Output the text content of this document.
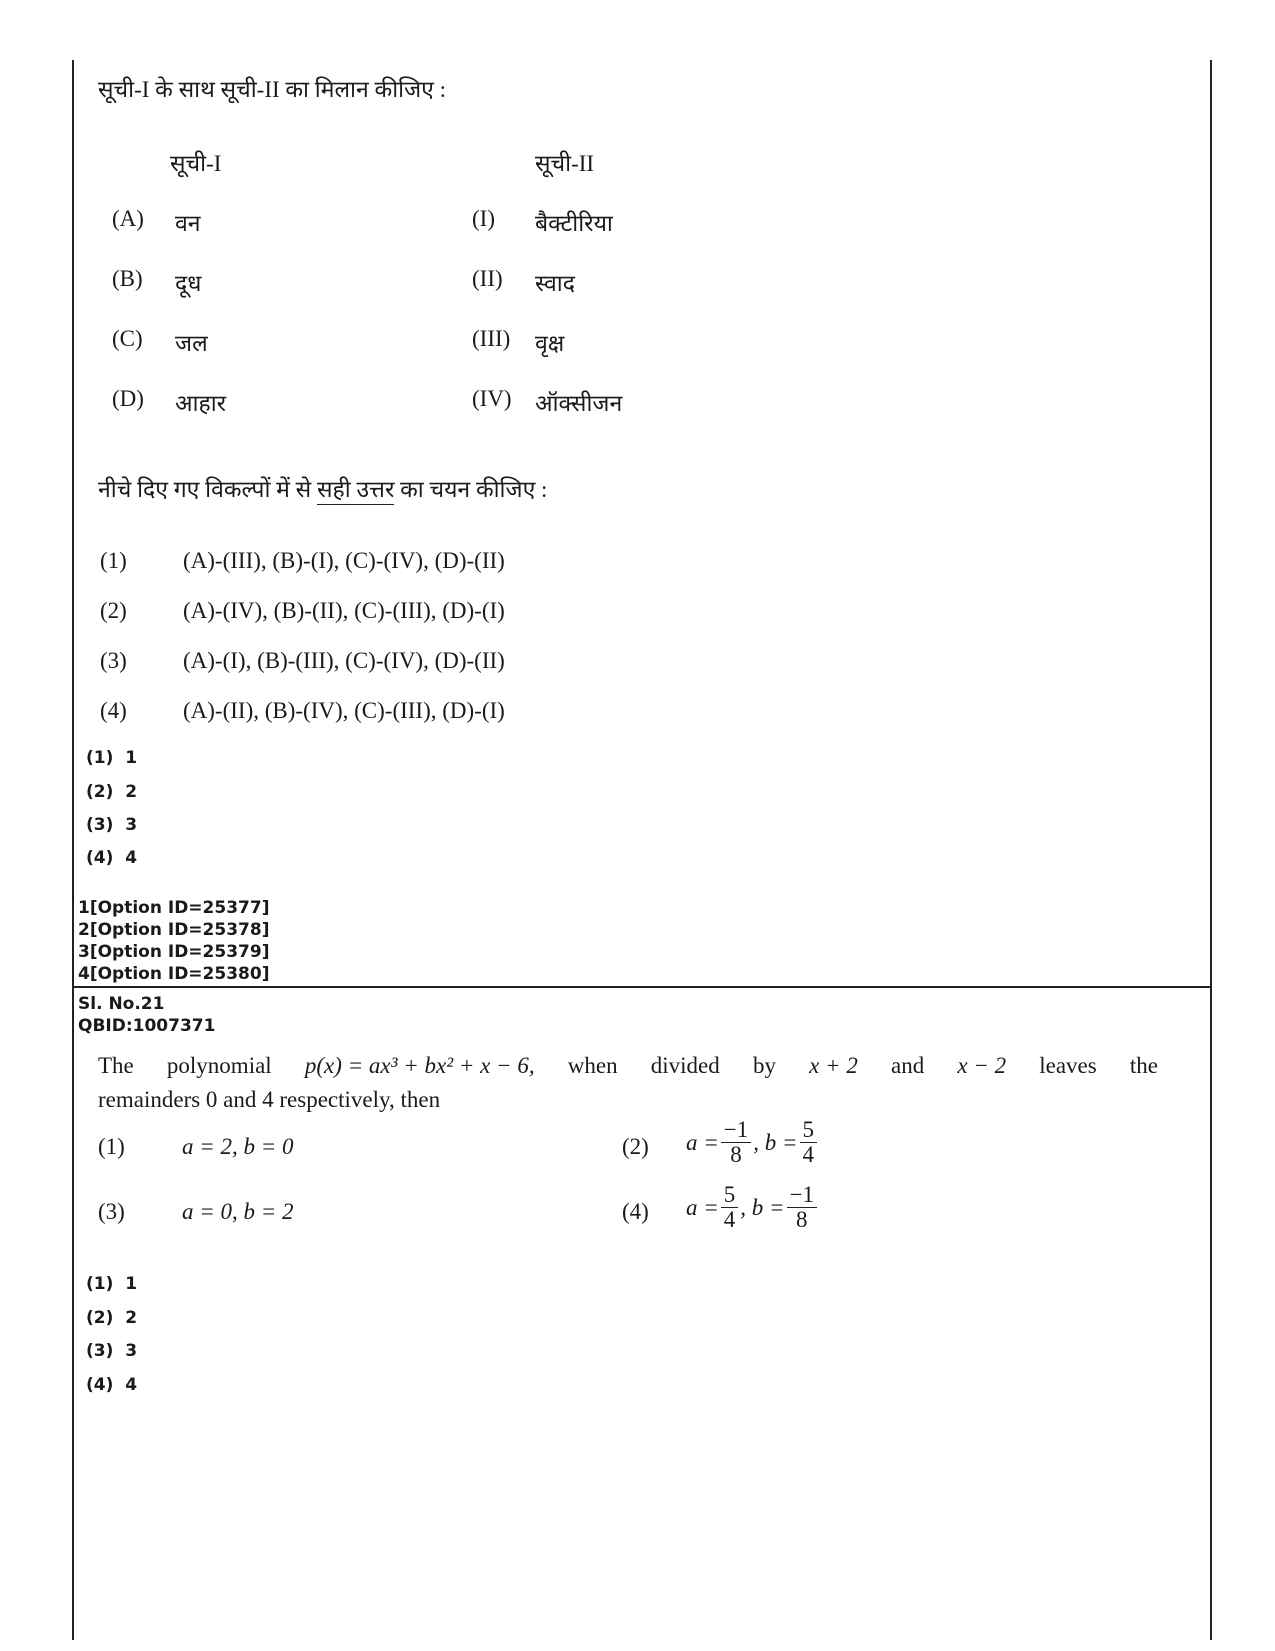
सूची-I के साथ सूची-II का मिलान कीजिए :
सूची-I	सूची-II
(A) वन	(I) बैक्टीरिया
(B) दूध	(II) स्वाद
(C) जल	(III) वृक्ष
(D) आहार	(IV) ऑक्सीजन
नीचे दिए गए विकल्पों में से सही उत्तर का चयन कीजिए :
(1) (A)-(III), (B)-(I), (C)-(IV), (D)-(II)
(2) (A)-(IV), (B)-(II), (C)-(III), (D)-(I)
(3) (A)-(I), (B)-(III), (C)-(IV), (D)-(II)
(4) (A)-(II), (B)-(IV), (C)-(III), (D)-(I)
(1) 1
(2) 2
(3) 3
(4) 4
1[Option ID=25377]
2[Option ID=25378]
3[Option ID=25379]
4[Option ID=25380]
Sl. No.21
QBID:1007371
The polynomial p(x) = ax³ + bx² + x − 6, when divided by x + 2 and x − 2 leaves the
remainders 0 and 4 respectively, then
(1) a = 2, b = 0	(2) $a = \frac{-1}{8}$ , $b = \frac{5}{4}$
(3) a = 0, b = 2	(4) $a = \frac{5}{4}$ , $b = \frac{-1}{8}$
(1) 1
(2) 2
(3) 3
(4) 4
